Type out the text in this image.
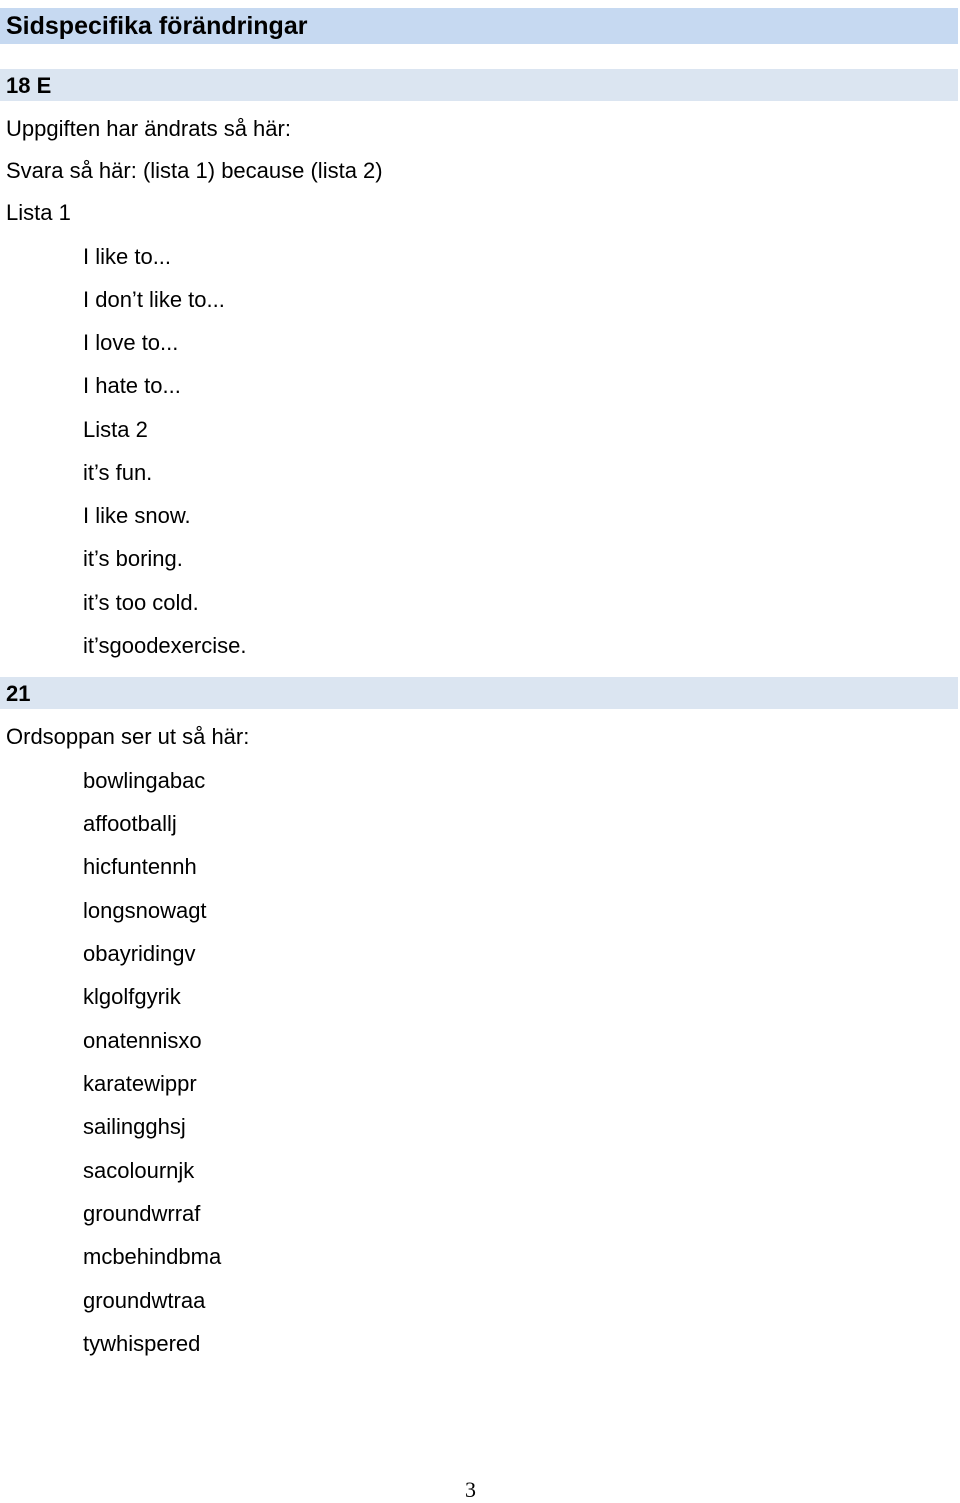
Sidspecifika förändringar
18 E
Uppgiften har ändrats så här:
Svara så här: (lista 1) because (lista 2)
Lista 1
I like to...
I don’t like to...
I love to...
I hate to...
Lista 2
it’s fun.
I like snow.
it’s boring.
it’s too cold.
it’sgoodexercise.
21
Ordsoppan ser ut så här:
bowlingabac
affootballj
hicfuntennh
longsnowagt
obayridingv
klgolfgyrik
onatennisxo
karatewippr
sailingghsj
sacolournjk
groundwrraf
mcbehindbma
groundwtraa
tywhispered
3
